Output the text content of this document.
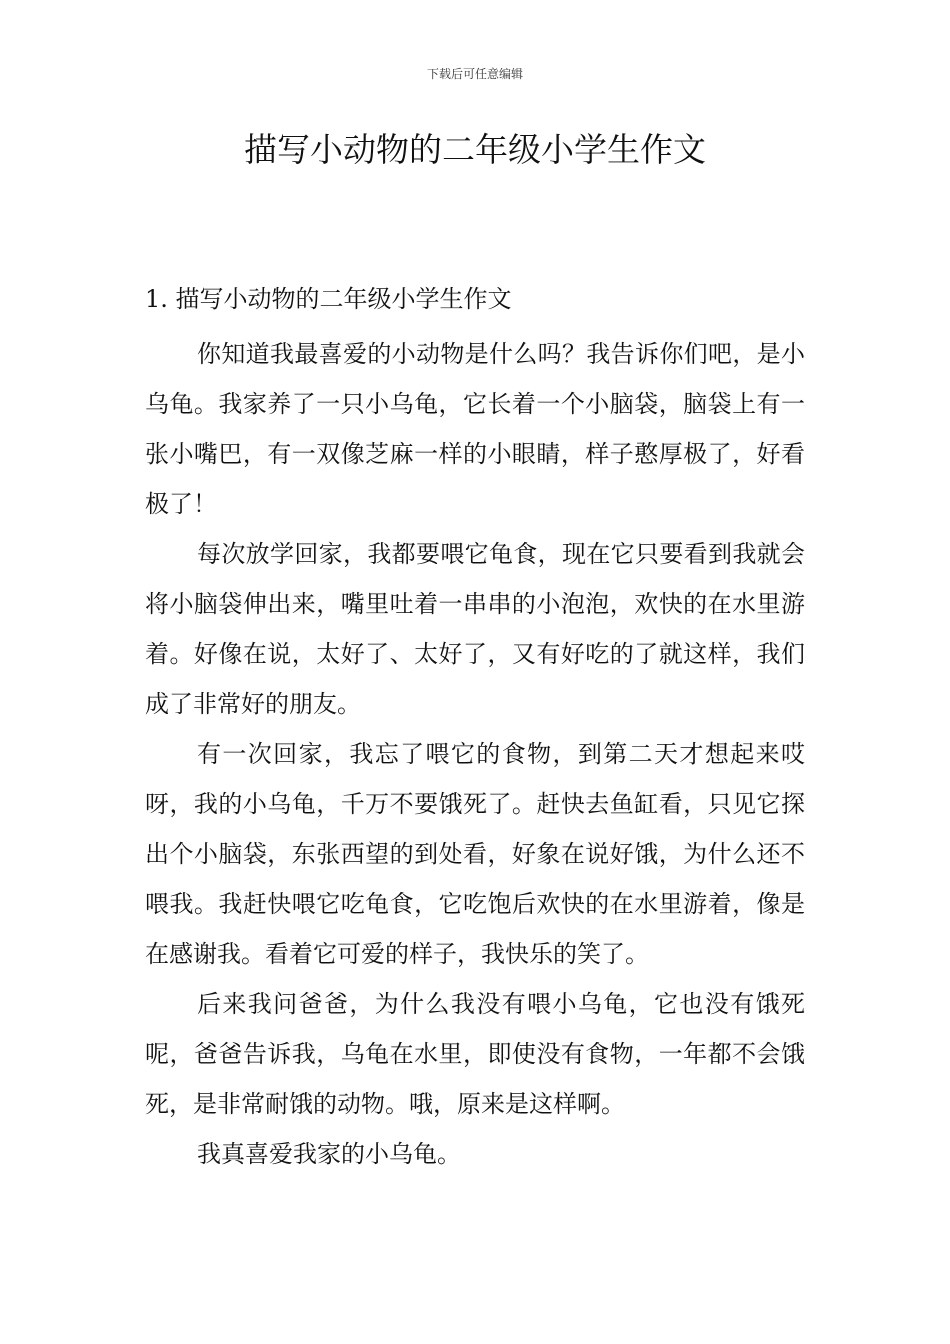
下载后可任意编辑
描写小动物的二年级小学生作文

1. 描写小动物的二年级小学生作文

你知道我最喜爱的小动物是什么吗？我告诉你们吧，是小乌龟。我家养了一只小乌龟，它长着一个小脑袋，脑袋上有一张小嘴巴，有一双像芝麻一样的小眼睛，样子憨厚极了，好看极了！

每次放学回家，我都要喂它龟食，现在它只要看到我就会将小脑袋伸出来，嘴里吐着一串串的小泡泡，欢快的在水里游着。好像在说，太好了、太好了，又有好吃的了就这样，我们成了非常好的朋友。

有一次回家，我忘了喂它的食物，到第二天才想起来哎呀，我的小乌龟，千万不要饿死了。赶快去鱼缸看，只见它探出个小脑袋，东张西望的到处看，好象在说好饿，为什么还不喂我。我赶快喂它吃龟食，它吃饱后欢快的在水里游着，像是在感谢我。看着它可爱的样子，我快乐的笑了。

后来我问爸爸，为什么我没有喂小乌龟，它也没有饿死呢，爸爸告诉我，乌龟在水里，即使没有食物，一年都不会饿死，是非常耐饿的动物。哦，原来是这样啊。

我真喜爱我家的小乌龟。
